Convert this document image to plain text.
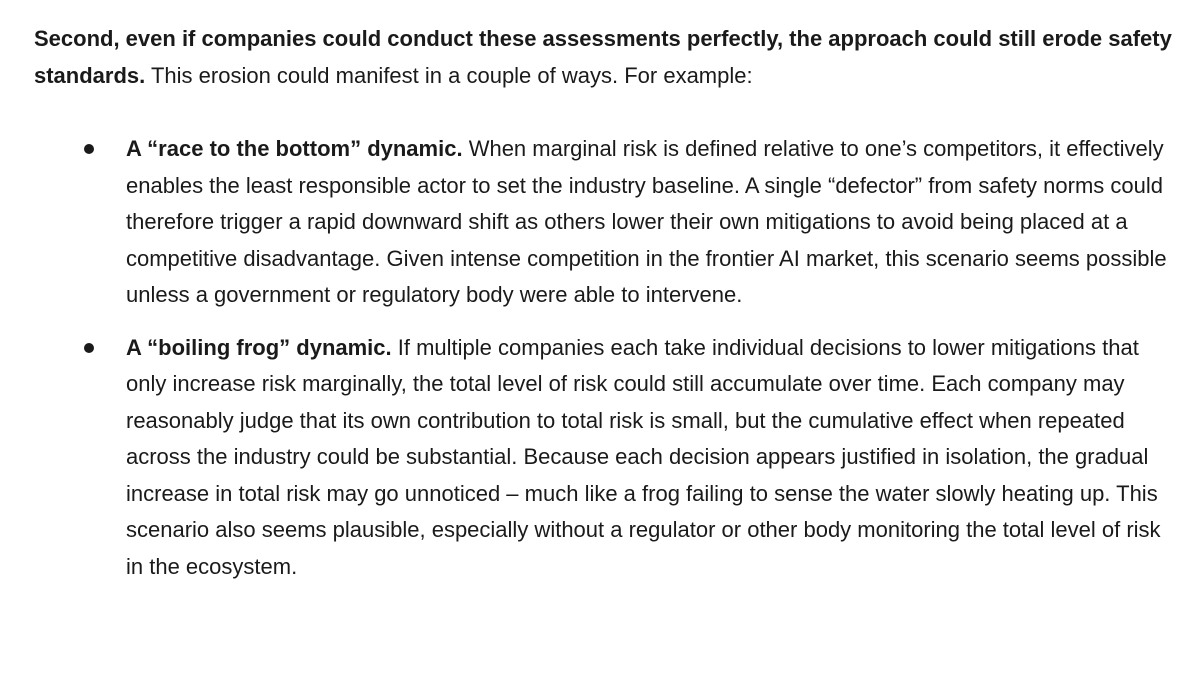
Second, even if companies could conduct these assessments perfectly, the approach could still erode safety standards. This erosion could manifest in a couple of ways. For example:

A “race to the bottom” dynamic. When marginal risk is defined relative to one’s competitors, it effectively enables the least responsible actor to set the industry baseline. A single “defector” from safety norms could therefore trigger a rapid downward shift as others lower their own mitigations to avoid being placed at a competitive disadvantage. Given intense competition in the frontier AI market, this scenario seems possible unless a government or regulatory body were able to intervene.
A “boiling frog” dynamic. If multiple companies each take individual decisions to lower mitigations that only increase risk marginally, the total level of risk could still accumulate over time. Each company may reasonably judge that its own contribution to total risk is small, but the cumulative effect when repeated across the industry could be substantial. Because each decision appears justified in isolation, the gradual increase in total risk may go unnoticed – much like a frog failing to sense the water slowly heating up. This scenario also seems plausible, especially without a regulator or other body monitoring the total level of risk in the ecosystem.
